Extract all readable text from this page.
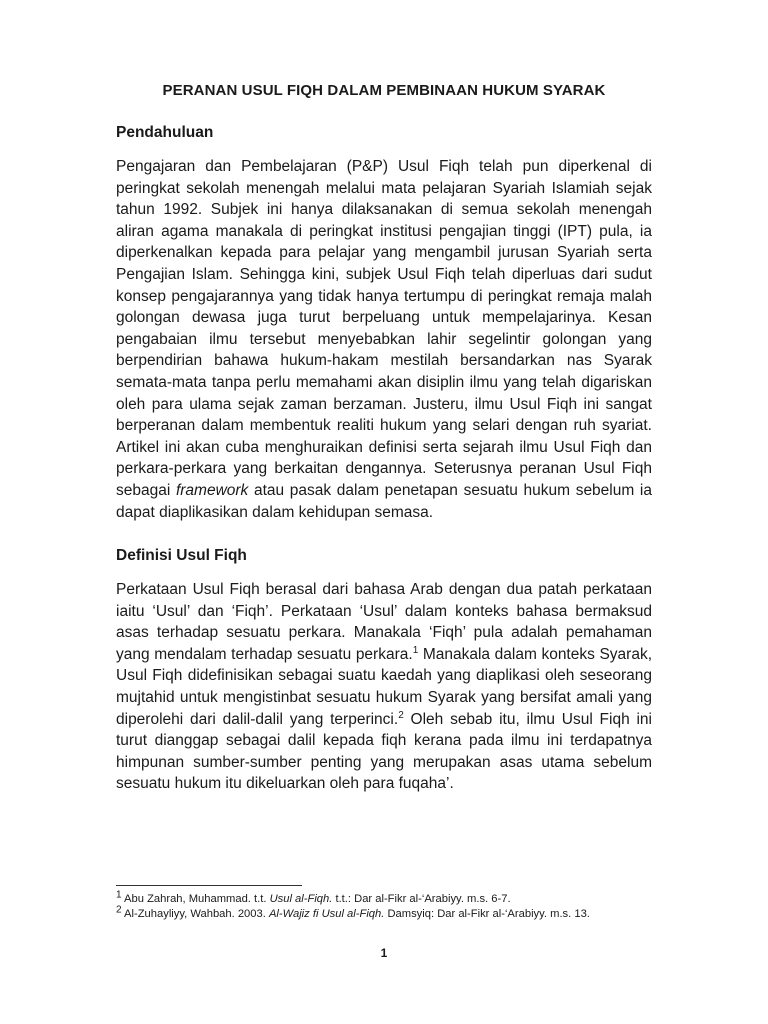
PERANAN USUL FIQH DALAM PEMBINAAN HUKUM SYARAK
Pendahuluan

Pengajaran dan Pembelajaran (P&P) Usul Fiqh telah pun diperkenal di peringkat sekolah menengah melalui mata pelajaran Syariah Islamiah sejak tahun 1992. Subjek ini hanya dilaksanakan di semua sekolah menengah aliran agama manakala di peringkat institusi pengajian tinggi (IPT) pula, ia diperkenalkan kepada para pelajar yang mengambil jurusan Syariah serta Pengajian Islam. Sehingga kini, subjek Usul Fiqh telah diperluas dari sudut konsep pengajarannya yang tidak hanya tertumpu di peringkat remaja malah golongan dewasa juga turut berpeluang untuk mempelajarinya. Kesan pengabaian ilmu tersebut menyebabkan lahir segelintir golongan yang berpendirian bahawa hukum-hakam mestilah bersandarkan nas Syarak semata-mata tanpa perlu memahami akan disiplin ilmu yang telah digariskan oleh para ulama sejak zaman berzaman. Justeru, ilmu Usul Fiqh ini sangat berperanan dalam membentuk realiti hukum yang selari dengan ruh syariat. Artikel ini akan cuba menghuraikan definisi serta sejarah ilmu Usul Fiqh dan perkara-perkara yang berkaitan dengannya. Seterusnya peranan Usul Fiqh sebagai framework atau pasak dalam penetapan sesuatu hukum sebelum ia dapat diaplikasikan dalam kehidupan semasa.

Definisi Usul Fiqh

Perkataan Usul Fiqh berasal dari bahasa Arab dengan dua patah perkataan iaitu ‘Usul’ dan ‘Fiqh’. Perkataan ‘Usul’ dalam konteks bahasa bermaksud asas terhadap sesuatu perkara. Manakala ‘Fiqh’ pula adalah pemahaman yang mendalam terhadap sesuatu perkara.$^1$ Manakala dalam konteks Syarak, Usul Fiqh didefinisikan sebagai suatu kaedah yang diaplikasi oleh seseorang mujtahid untuk mengistinbat sesuatu hukum Syarak yang bersifat amali yang diperolehi dari dalil-dalil yang terperinci.$^2$ Oleh sebab itu, ilmu Usul Fiqh ini turut dianggap sebagai dalil kepada fiqh kerana pada ilmu ini terdapatnya himpunan sumber-sumber penting yang merupakan asas utama sebelum sesuatu hukum itu dikeluarkan oleh para fuqaha’.

$^1$ Abu Zahrah, Muhammad. t.t. Usul al-Fiqh. t.t.: Dar al-Fikr al-‘Arabiyy. m.s. 6-7.
$^2$ Al-Zuhayliyy, Wahbah. 2003. Al-Wajiz fi Usul al-Fiqh. Damsyiq: Dar al-Fikr al-‘Arabiyy. m.s. 13.
1
